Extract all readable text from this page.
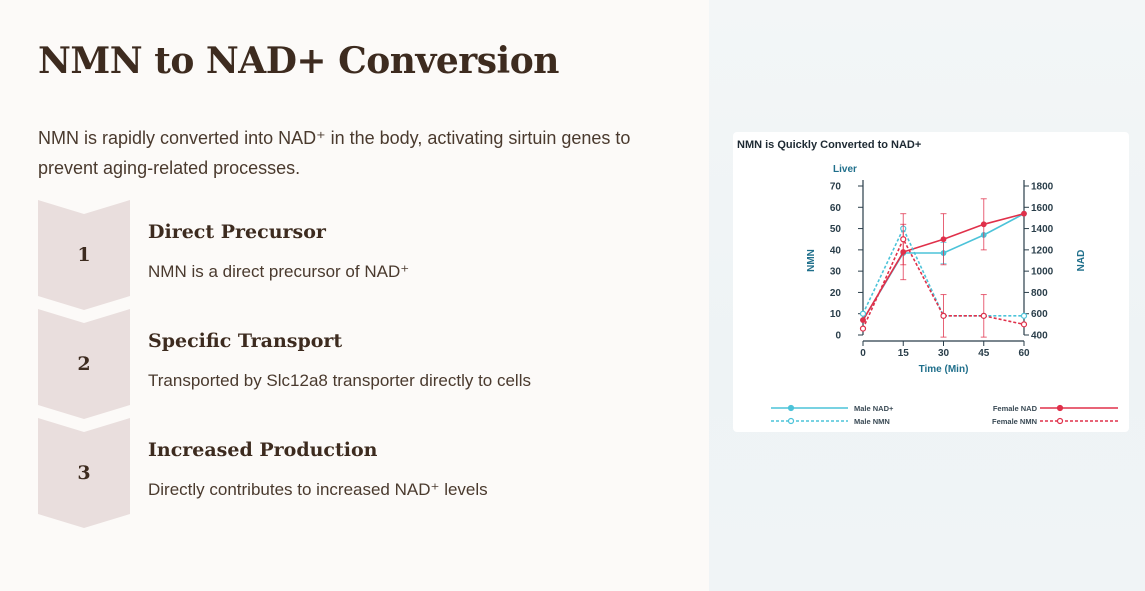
NMN to NAD+ Conversion

NMN is rapidly converted into NAD⁺ in the body, activating sirtuin genes to prevent aging-related processes.

1
Direct Precursor

NMN is a direct precursor of NAD⁺

2
Specific Transport

Transported by Slc12a8 transporter directly to cells

3
Increased Production

Directly contributes to increased NAD⁺ levels

NMN is Quickly Converted to NAD+
Liver
0
10
20
30
40
50
60
70
400
600
800
1000
1200
1400
1600
1800
0	15	30	45	60
Time (Min)
NMN	NAD
Male NAD+
Male NMN
Female NAD
Female NMN
